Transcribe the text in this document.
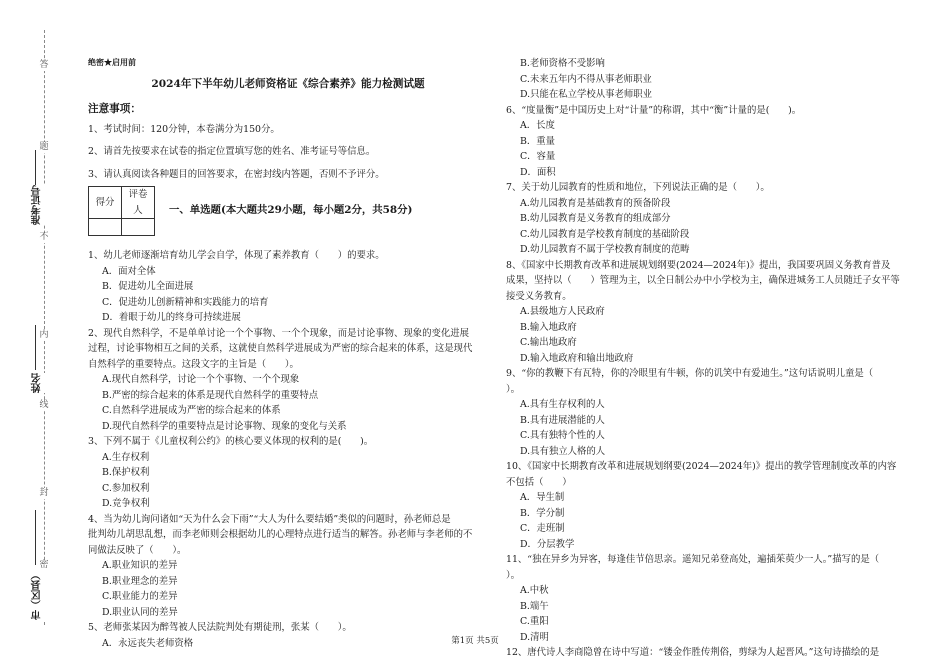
答
题
不
内
线
封
密
准考证号
姓名
市（区县）

绝密★启用前

2024年下半年幼儿老师资格证《综合素养》能力检测试题

注意事项：

1、考试时间：120分钟，本卷满分为150分。

2、请首先按要求在试卷的指定位置填写您的姓名、准考证号等信息。

3、请认真阅读各种题目的回答要求，在密封线内答题，否则不予评分。

得分	评卷人
		一、单选题(本大题共29小题，每小题2分，共58分)

1、幼儿老师逐渐培育幼儿学会自学，体现了素养教育（　　）的要求。

A．面对全体

B．促进幼儿全面进展

C．促进幼儿创新精神和实践能力的培育

D．着眼于幼儿的终身可持续进展

2、现代自然科学，不是单单讨论一个个事物、一个个现象，而是讨论事物、现象的变化进展

过程，讨论事物相互之间的关系，这就使自然科学进展成为严密的综合起来的体系，这是现代

自然科学的重要特点。这段文字的主旨是（　　）。

A.现代自然科学，讨论一个个事物、一个个现象

B.严密的综合起来的体系是现代自然科学的重要特点

C.自然科学进展成为严密的综合起来的体系

D.现代自然科学的重要特点是讨论事物、现象的变化与关系

3、下列不属于《儿童权利公约》的核心要义体现的权利的是(　　)。

A.生存权利

B.保护权利

C.参加权利

D.竞争权利

4、当为幼儿询问诸如“天为什么会下雨”“大人为什么要结婚”类似的问题时，孙老师总是

批判幼儿胡思乱想，而李老师则会根据幼儿的心理特点进行适当的解答。孙老师与李老师的不

同做法反映了（　　）。

A.职业知识的差异

B.职业理念的差异

C.职业能力的差异

D.职业认同的差异

5、老师张某因为醉驾被人民法院判处有期徒刑，张某（　　）。

A．永远丧失老师资格

B.老师资格不受影响

C.未来五年内不得从事老师职业

D.只能在私立学校从事老师职业

6、“度量衡”是中国历史上对“计量”的称谓，其中“衡”计量的是(　　)。

A．长度

B．重量

C．容量

D．面积

7、关于幼儿园教育的性质和地位，下列说法正确的是（　　）。

A.幼儿园教育是基础教育的预备阶段

B.幼儿园教育是义务教育的组成部分

C.幼儿园教育是学校教育制度的基础阶段

D.幼儿园教育不属于学校教育制度的范畴

8、《国家中长期教育改革和进展规划纲要(2024—2024年)》提出，我国要巩固义务教育普及

成果，坚持以（　　）管理为主，以全日制公办中小学校为主，确保进城务工人员随迁子女平等

接受义务教育。

A.县级地方人民政府

B.输入地政府

C.输出地政府

D.输入地政府和输出地政府

9、“你的教鞭下有瓦特，你的冷眼里有牛顿，你的讥笑中有爱迪生。”这句话说明儿童是（

）。

A.具有生存权利的人

B.具有进展潜能的人

C.具有独特个性的人

D.具有独立人格的人

10、《国家中长期教育改革和进展规划纲要(2024—2024年)》提出的教学管理制度改革的内容

不包括（　　）

A．导生制

B．学分制

C．走班制

D．分层教学

11、“独在异乡为异客，每逢佳节倍思亲。遥知兄弟登高处，遍插茱萸少一人。”描写的是（

）。

A.中秋

B.端午

C.重阳

D.清明

12、唐代诗人李商隐曾在诗中写道：“镂金作胜传荆俗，剪绿为人起晋风。”这句诗描绘的是

第1页 共5页
